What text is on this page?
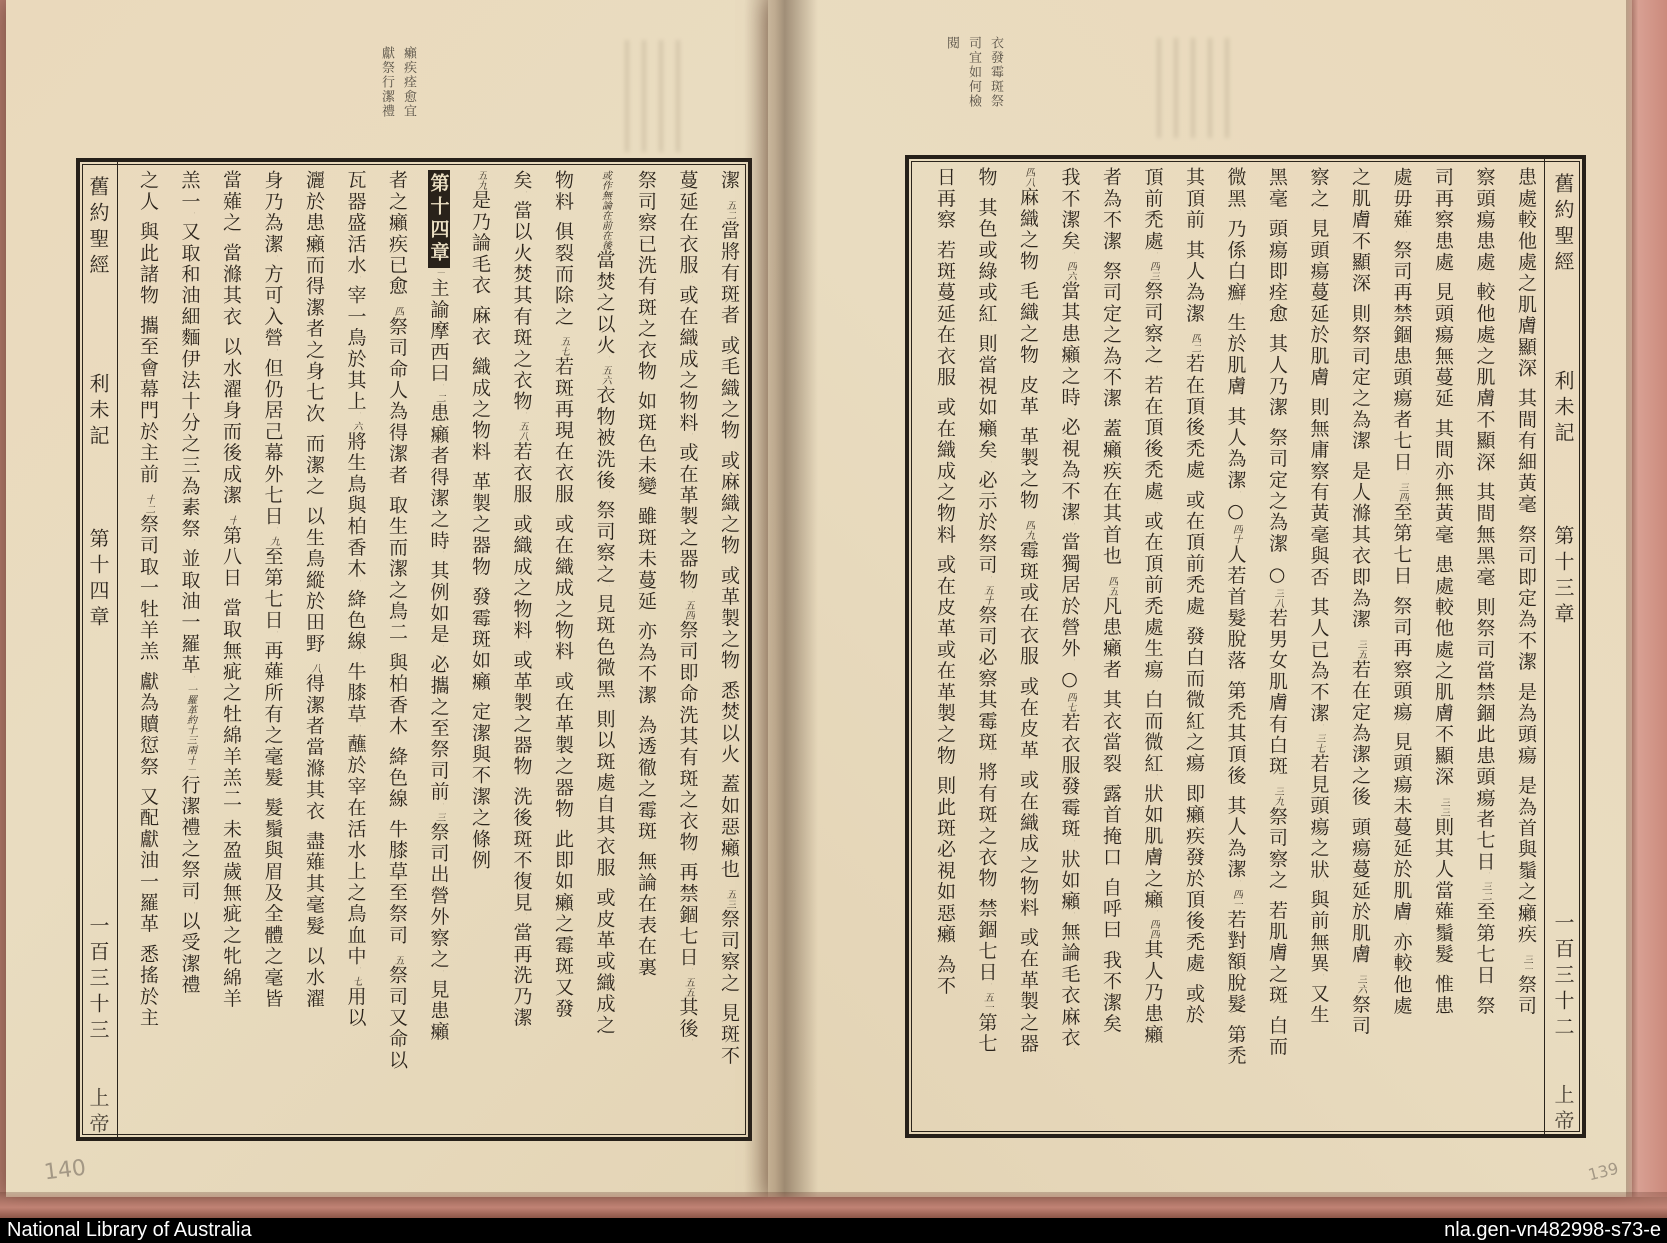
癩疾痊愈宜
獻祭行潔禮	衣發霉斑祭
司宜如何檢
閱
舊約聖經
利未記
第十四章
一百三十三
上帝
潔、五二當將有斑者、或毛織之物、或麻織之物、或革製之物、悉焚以火、蓋如惡癩也、五三祭司察之、見斑不
蔓延在衣服、或在織成之物料、或在革製之器物、五四祭司即命洗其有斑之衣物、再禁錮七日、五五其後、
祭司察已洗有斑之衣物、如斑色未變、雖斑未蔓延、亦為不潔、為透徹之霉斑、無論在表在裏、
或作無論在前在後當焚之以火、五六衣物被洗後、祭司察之、見斑色微黑、則以斑處自其衣服、或皮革或織成之
物料、俱裂而除之、五七若斑再現在衣服、或在織成之物料、或在革製之器物、此即如癩之霉斑又發
矣、當以火焚其有斑之衣物、五八若衣服、或織成之物料、或革製之器物、洗後斑不復見、當再洗乃潔、
五九是乃論毛衣、麻衣、織成之物料、革製之器物、發霉斑如癩、定潔與不潔之條例、
第十四章一主諭摩西曰、二患癩者得潔之時、其例如是、必攜之至祭司前、三祭司出營外察之、見患癩
者之癩疾已愈、四祭司命人為得潔者、取生而潔之鳥二、與柏香木、絳色線、牛膝草至祭司、五祭司又命以
瓦器盛活水、宰一鳥於其上、六將生鳥與柏香木、絳色線、牛膝草、蘸於宰在活水上之鳥血中、七用以
灑於患癩而得潔者之身七次、而潔之、以生鳥縱於田野、八得潔者當滌其衣、盡薙其毫髮、以水濯
身乃為潔、方可入營、但仍居己幕外七日、九至第七日、再薙所有之毫髮、髮鬚與眉及全體之毫皆
當薙之、當滌其衣、以水濯身而後成潔、十第八日、當取無疵之牡綿羊羔二、未盈歲無疵之牝綿羊
羔一、又取和油細麵伊法十分之三為素祭、並取油一羅革、一羅革約十三兩十一行潔禮之祭司、以受潔禮
之人、與此諸物、攜至會幕門於主前、十二祭司取一牡羊羔、獻為贖愆祭、又配獻油一羅革、悉搖於主
舊約聖經
利未記
第十三章
一百三十二
上帝
患處較他處之肌膚顯深、其間有細黃毫、祭司即定為不潔、是為頭瘍、是為首與鬚之癩疾、三一祭司
察頭瘍患處、較他處之肌膚不顯深、其間無黑毫、則祭司當禁錮此患頭瘍者七日、三二至第七日、祭
司再察患處、見頭瘍無蔓延、其間亦無黃毫、患處較他處之肌膚不顯深、三三則其人當薙鬚髮、惟患
處毋薙、祭司再禁錮患頭瘍者七日、三四至第七日、祭司再察頭瘍、見頭瘍未蔓延於肌膚、亦較他處
之肌膚不顯深、則祭司定之為潔、是人滌其衣即為潔、三五若在定為潔之後、頭瘍蔓延於肌膚、三六祭司
察之、見頭瘍蔓延於肌膚、則無庸察有黃毫與否、其人已為不潔、三七若見頭瘍之狀、與前無異、又生
黑毫、頭瘍即痊愈、其人乃潔、祭司定之為潔、○三八若男女肌膚有白斑、三九祭司察之、若肌膚之斑、白而
微黑、乃係白癬、生於肌膚、其人為潔、○四十人若首髮脫落、第禿其頂後、其人為潔、四一若對額脫髮、第禿
其頂前、其人為潔、四二若在頂後禿處、或在頂前禿處、發白而微紅之瘍、即癩疾發於頂後禿處、或於
頂前禿處、四三祭司察之、若在頂後禿處、或在頂前禿處生瘍、白而微紅、狀如肌膚之癩、四四其人乃患癩
者為不潔、祭司定之為不潔、蓋癩疾在其首也、四五凡患癩者、其衣當裂、露首掩口、自呼曰、我不潔矣、
我不潔矣、四六當其患癩之時、必視為不潔、當獨居於營外、○四七若衣服發霉斑、狀如癩、無論毛衣麻衣、
四八麻織之物、毛織之物、皮革、革製之物、四九霉斑或在衣服、或在皮革、或在織成之物料、或在革製之器
物、其色或綠或紅、則當視如癩矣、必示於祭司、五十祭司必察其霉斑、將有斑之衣物、禁錮七日、五一第七
日再察、若斑蔓延在衣服、或在織成之物料、或在皮革或在革製之物、則此斑必視如惡癩、為不
140	139
National Library of Australia	nla.gen-vn482998-s73-e
